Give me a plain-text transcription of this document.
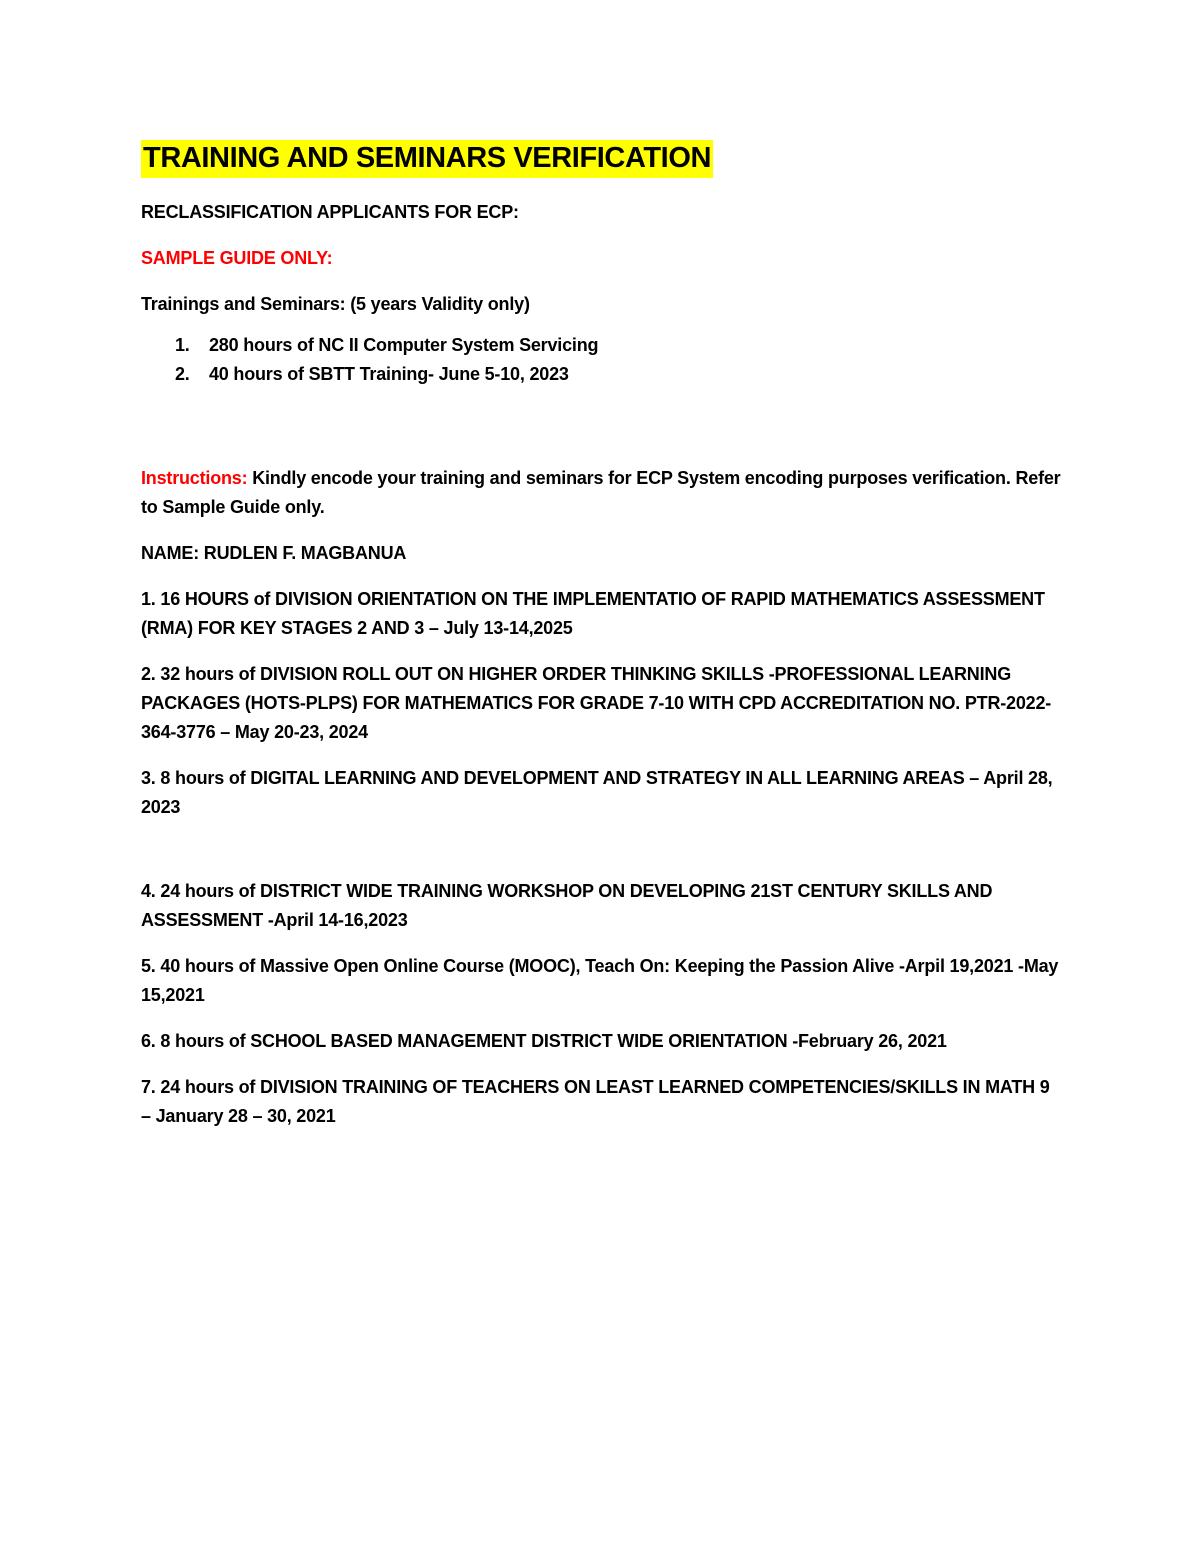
TRAINING AND SEMINARS VERIFICATION

RECLASSIFICATION APPLICANTS FOR ECP:

SAMPLE GUIDE ONLY:

Trainings and Seminars: (5 years Validity only)

1.	280 hours of NC II Computer System Servicing
2.	40 hours of SBTT Training- June 5-10, 2023

Instructions: Kindly encode your training and seminars for ECP System encoding purposes verification. Refer to Sample Guide only.

NAME: RUDLEN F. MAGBANUA

1. 16 HOURS of DIVISION ORIENTATION ON THE IMPLEMENTATIO OF RAPID MATHEMATICS ASSESSMENT (RMA) FOR KEY STAGES 2 AND 3 – July 13-14,2025

2. 32 hours of DIVISION ROLL OUT ON HIGHER ORDER THINKING SKILLS -PROFESSIONAL LEARNING PACKAGES (HOTS-PLPS) FOR MATHEMATICS FOR GRADE 7-10 WITH CPD ACCREDITATION NO. PTR-2022-364-3776 – May 20-23, 2024

3. 8 hours of DIGITAL LEARNING AND DEVELOPMENT AND STRATEGY IN ALL LEARNING AREAS – April 28, 2023

4. 24 hours of DISTRICT WIDE TRAINING WORKSHOP ON DEVELOPING 21ST CENTURY SKILLS AND ASSESSMENT -April 14-16,2023

5. 40 hours of Massive Open Online Course (MOOC), Teach On: Keeping the Passion Alive -Arpil 19,2021 -May 15,2021

6. 8 hours of SCHOOL BASED MANAGEMENT DISTRICT WIDE ORIENTATION -February 26, 2021

7. 24 hours of DIVISION TRAINING OF TEACHERS ON LEAST LEARNED COMPETENCIES/SKILLS IN MATH 9 – January 28 – 30, 2021
